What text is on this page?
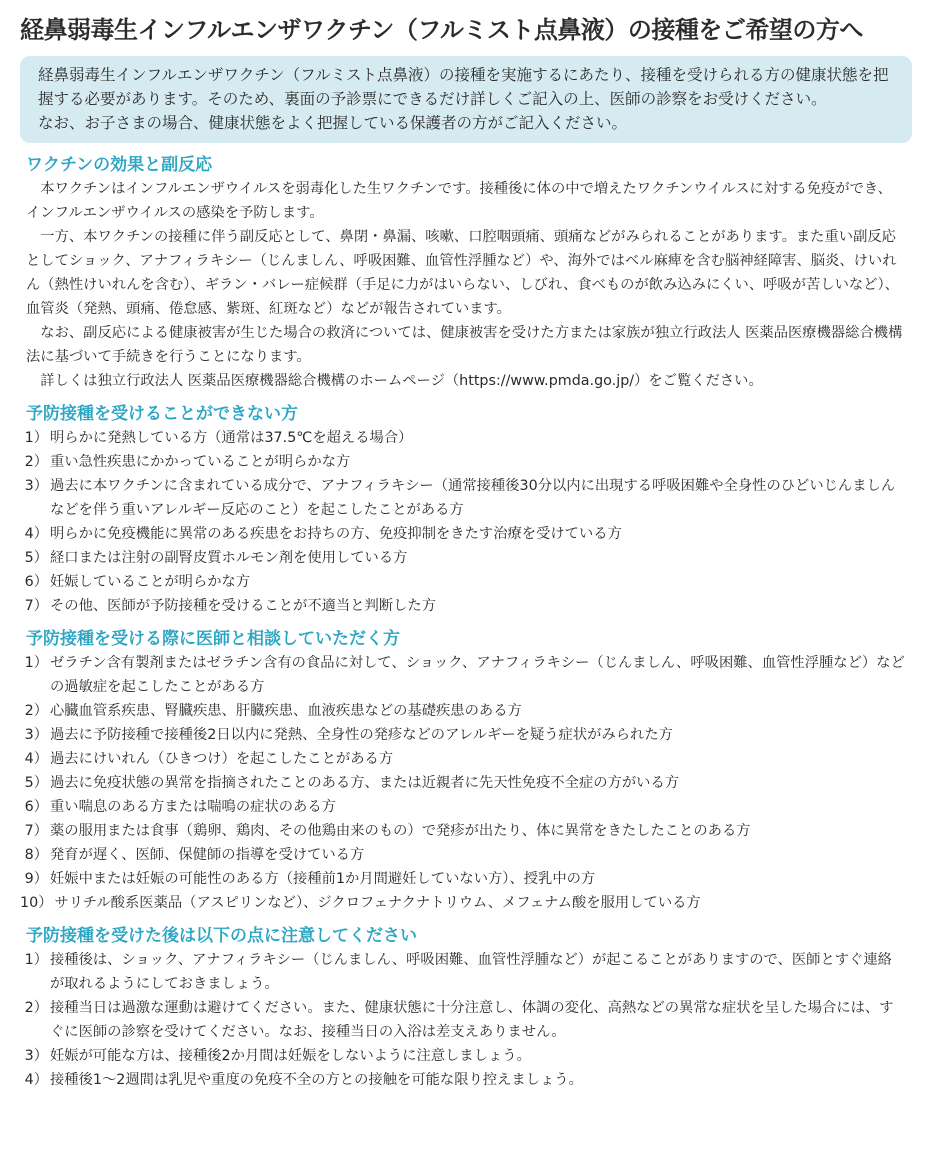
経鼻弱毒生インフルエンザワクチン（フルミスト点鼻液）の接種をご希望の方へ

経鼻弱毒生インフルエンザワクチン（フルミスト点鼻液）の接種を実施するにあたり、接種を受けられる方の健康状態を把握する必要があります。そのため、裏面の予診票にできるだけ詳しくご記入の上、医師の診察をお受けください。

なお、お子さまの場合、健康状態をよく把握している保護者の方がご記入ください。

ワクチンの効果と副反応

本ワクチンはインフルエンザウイルスを弱毒化した生ワクチンです。接種後に体の中で増えたワクチンウイルスに対する免疫ができ、インフルエンザウイルスの感染を予防します。

一方、本ワクチンの接種に伴う副反応として、鼻閉・鼻漏、咳嗽、口腔咽頭痛、頭痛などがみられることがあります。また重い副反応としてショック、アナフィラキシー（じんましん、呼吸困難、血管性浮腫など）や、海外ではベル麻痺を含む脳神経障害、脳炎、けいれん（熱性けいれんを含む）、ギラン・バレー症候群（手足に力がはいらない、しびれ、食べものが飲み込みにくい、呼吸が苦しいなど）、血管炎（発熱、頭痛、倦怠感、紫斑、紅斑など）などが報告されています。

なお、副反応による健康被害が生じた場合の救済については、健康被害を受けた方または家族が独立行政法人 医薬品医療機器総合機構法に基づいて手続きを行うことになります。

詳しくは独立行政法人 医薬品医療機器総合機構のホームページ（https://www.pmda.go.jp/）をご覧ください。

予防接種を受けることができない方
1） 明らかに発熱している方（通常は37.5℃を超える場合）
2） 重い急性疾患にかかっていることが明らかな方
3） 過去に本ワクチンに含まれている成分で、アナフィラキシー（通常接種後30分以内に出現する呼吸困難や全身性のひどいじんましんなどを伴う重いアレルギー反応のこと）を起こしたことがある方
4） 明らかに免疫機能に異常のある疾患をお持ちの方、免疫抑制をきたす治療を受けている方
5） 経口または注射の副腎皮質ホルモン剤を使用している方
6） 妊娠していることが明らかな方
7） その他、医師が予防接種を受けることが不適当と判断した方
予防接種を受ける際に医師と相談していただく方
1） ゼラチン含有製剤またはゼラチン含有の食品に対して、ショック、アナフィラキシー（じんましん、呼吸困難、血管性浮腫など）などの過敏症を起こしたことがある方
2） 心臓血管系疾患、腎臓疾患、肝臓疾患、血液疾患などの基礎疾患のある方
3） 過去に予防接種で接種後2日以内に発熱、全身性の発疹などのアレルギーを疑う症状がみられた方
4） 過去にけいれん（ひきつけ）を起こしたことがある方
5） 過去に免疫状態の異常を指摘されたことのある方、または近親者に先天性免疫不全症の方がいる方
6） 重い喘息のある方または喘鳴の症状のある方
7） 薬の服用または食事（鶏卵、鶏肉、その他鶏由来のもの）で発疹が出たり、体に異常をきたしたことのある方
8） 発育が遅く、医師、保健師の指導を受けている方
9） 妊娠中または妊娠の可能性のある方（接種前1か月間避妊していない方）、授乳中の方
10） サリチル酸系医薬品（アスピリンなど）、ジクロフェナクナトリウム、メフェナム酸を服用している方
予防接種を受けた後は以下の点に注意してください
1） 接種後は、ショック、アナフィラキシー（じんましん、呼吸困難、血管性浮腫など）が起こることがありますので、医師とすぐ連絡が取れるようにしておきましょう。
2） 接種当日は過激な運動は避けてください。また、健康状態に十分注意し、体調の変化、高熱などの異常な症状を呈した場合には、すぐに医師の診察を受けてください。なお、接種当日の入浴は差支えありません。
3） 妊娠が可能な方は、接種後2か月間は妊娠をしないように注意しましょう。
4） 接種後1～2週間は乳児や重度の免疫不全の方との接触を可能な限り控えましょう。
